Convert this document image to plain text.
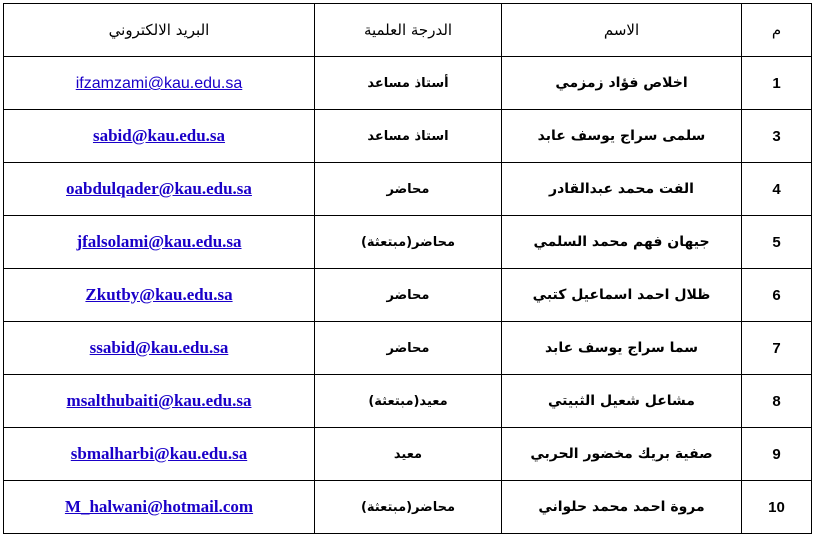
م	الاسم	الدرجة العلمية	البريد الالكتروني
1	اخلاص فؤاد زمزمي	أستاذ مساعد	ifzamzami@kau.edu.sa
3	سلمى سراج يوسف عابد	استاذ مساعد	sabid@kau.edu.sa
4	الفت محمد عبدالقادر	محاضر	oabdulqader@kau.edu.sa
5	جيهان فهم محمد السلمي	محاضر(مبتعثة)	jfalsolami@kau.edu.sa
6	ظلال احمد اسماعيل كتبي	محاضر	Zkutby@kau.edu.sa
7	سما سراج يوسف عابد	محاضر	ssabid@kau.edu.sa
8	مشاعل شعيل الثبيتي	معيد(مبتعثة)	msalthubaiti@kau.edu.sa
9	صفية بريك مخضور الحربي	معيد	sbmalharbi@kau.edu.sa
10	مروة احمد محمد حلواني	محاضر(مبتعثة)	M_halwani@hotmail.com
